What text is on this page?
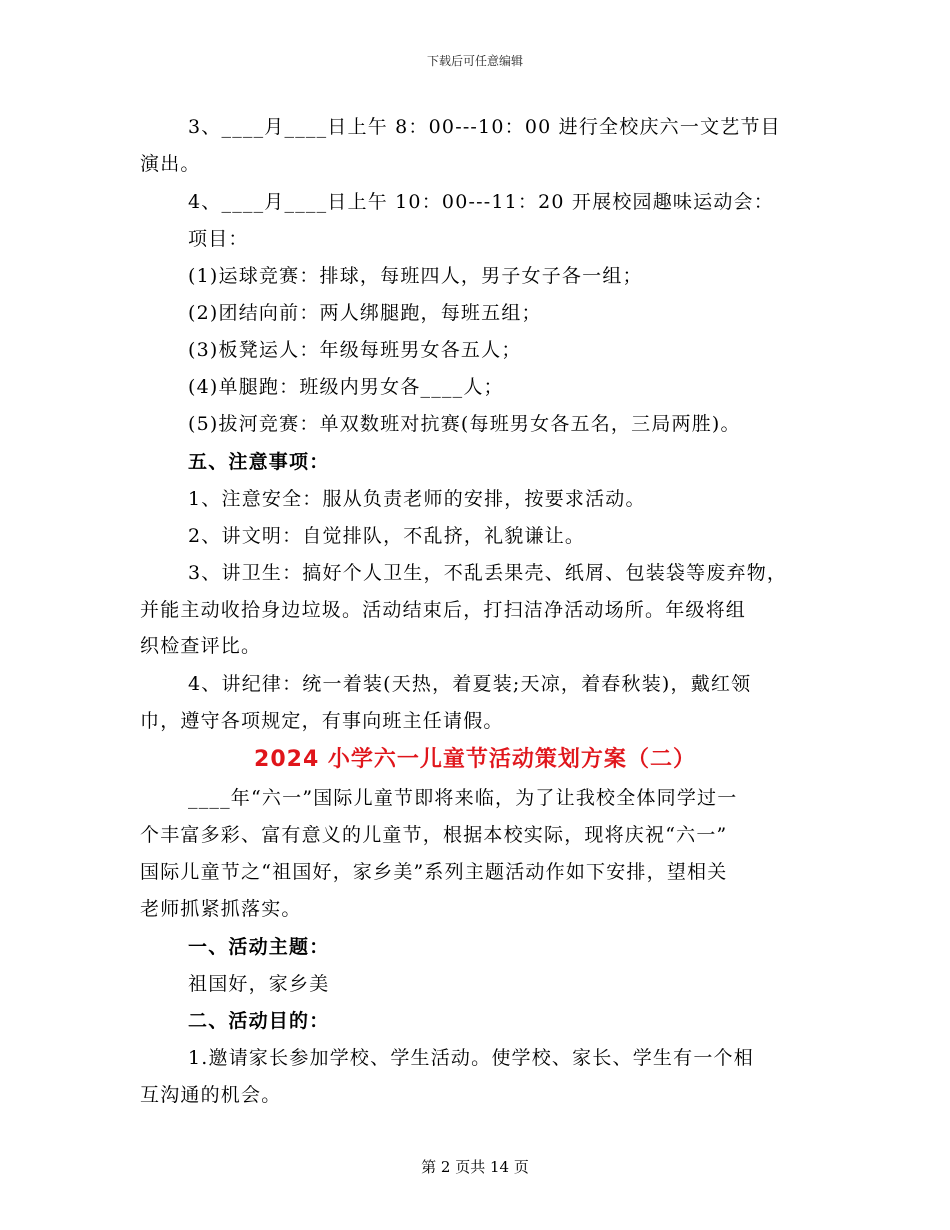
下载后可任意编辑
3、____月____日上午 8：00---10：00 进行全校庆六一文艺节目
演出。
4、____月____日上午 10：00---11：20 开展校园趣味运动会：
项目：
(1)运球竞赛：排球，每班四人，男子女子各一组；
(2)团结向前：两人绑腿跑，每班五组；
(3)板凳运人：年级每班男女各五人；
(4)单腿跑：班级内男女各____人；
(5)拔河竞赛：单双数班对抗赛(每班男女各五名，三局两胜)。
五、注意事项：
1、注意安全：服从负责老师的安排，按要求活动。
2、讲文明：自觉排队，不乱挤，礼貌谦让。
3、讲卫生：搞好个人卫生，不乱丢果壳、纸屑、包装袋等废弃物，
并能主动收拾身边垃圾。活动结束后，打扫洁净活动场所。年级将组
织检查评比。
4、讲纪律：统一着装(天热，着夏装;天凉，着春秋装)，戴红领
巾，遵守各项规定，有事向班主任请假。
2024 小学六一儿童节活动策划方案（二）
____年“六一”国际儿童节即将来临，为了让我校全体同学过一
个丰富多彩、富有意义的儿童节，根据本校实际，现将庆祝“六一”
国际儿童节之“祖国好，家乡美”系列主题活动作如下安排，望相关
老师抓紧抓落实。
一、活动主题：
祖国好，家乡美
二、活动目的：
1.邀请家长参加学校、学生活动。使学校、家长、学生有一个相
互沟通的机会。
第 2 页共 14 页
